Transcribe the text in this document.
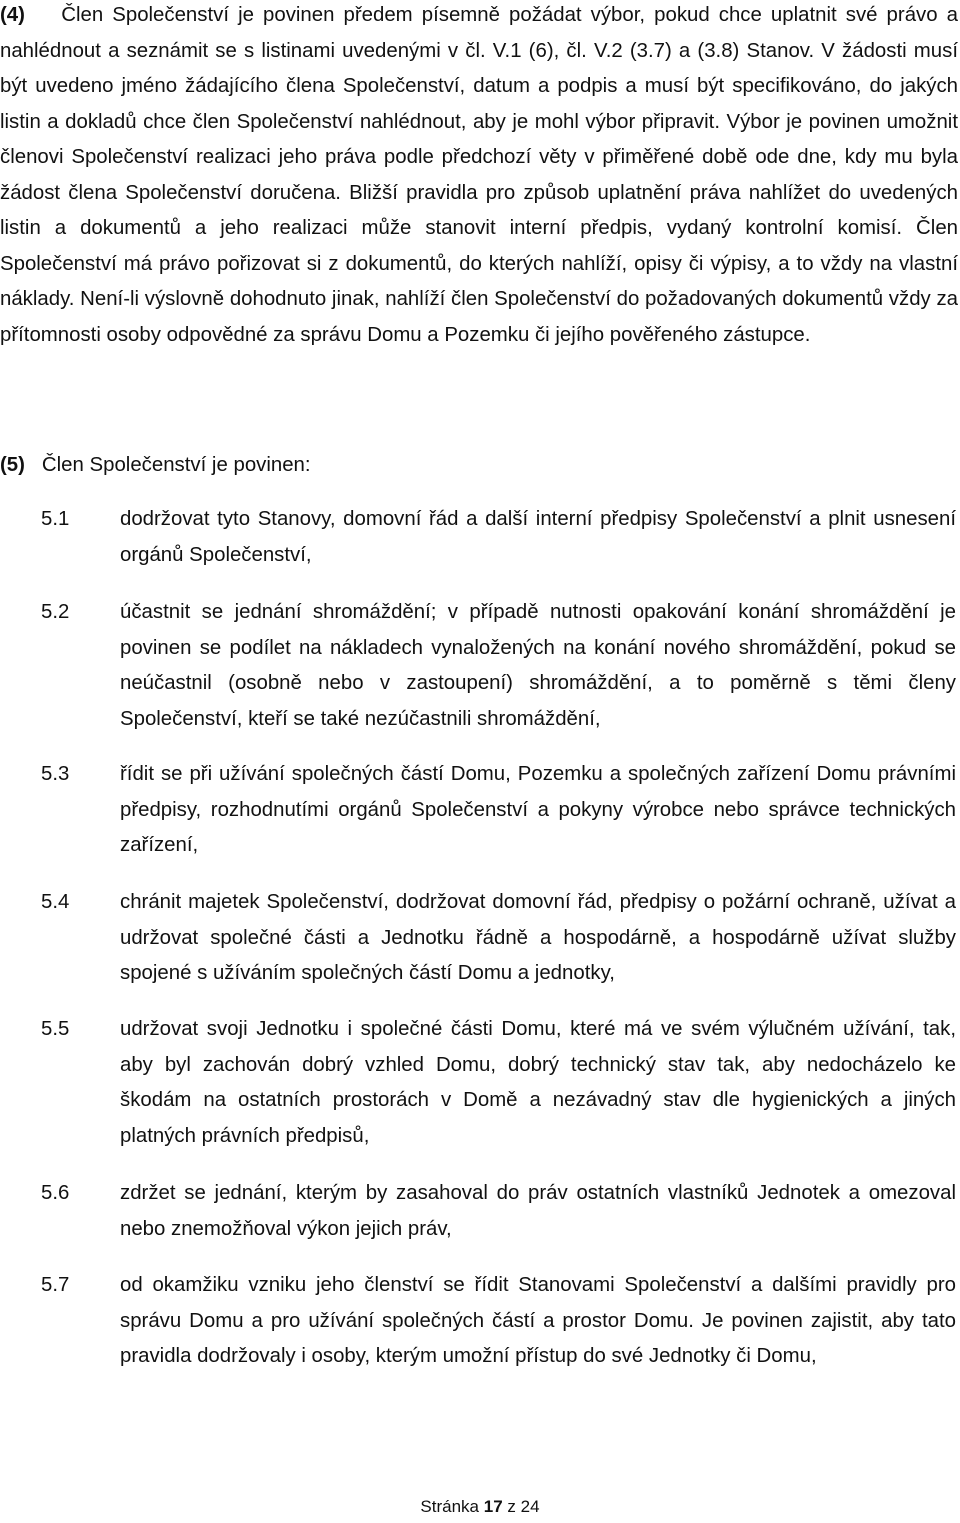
(4) Člen Společenství je povinen předem písemně požádat výbor, pokud chce uplatnit své právo a nahlédnout a seznámit se s listinami uvedenými v čl. V.1 (6), čl. V.2 (3.7) a (3.8) Stanov. V žádosti musí být uvedeno jméno žádajícího člena Společenství, datum a podpis a musí být specifikováno, do jakých listin a dokladů chce člen Společenství nahlédnout, aby je mohl výbor připravit. Výbor je povinen umožnit členovi Společenství realizaci jeho práva podle předchozí věty v přiměřené době ode dne, kdy mu byla žádost člena Společenství doručena. Bližší pravidla pro způsob uplatnění práva nahlížet do uvedených listin a dokumentů a jeho realizaci může stanovit interní předpis, vydaný kontrolní komisí. Člen Společenství má právo pořizovat si z dokumentů, do kterých nahlíží, opisy či výpisy, a to vždy na vlastní náklady. Není-li výslovně dohodnuto jinak, nahlíží člen Společenství do požadovaných dokumentů vždy za přítomnosti osoby odpovědné za správu Domu a Pozemku či jejího pověřeného zástupce.

(5) Člen Společenství je povinen:

5.1	dodržovat tyto Stanovy, domovní řád a další interní předpisy Společenství a plnit usnesení orgánů Společenství,
5.2	účastnit se jednání shromáždění; v případě nutnosti opakování konání shromáždění je povinen se podílet na nákladech vynaložených na konání nového shromáždění, pokud se neúčastnil (osobně nebo v zastoupení) shromáždění, a to poměrně s těmi členy Společenství, kteří se také nezúčastnili shromáždění,
5.3	řídit se při užívání společných částí Domu, Pozemku a společných zařízení Domu právními předpisy, rozhodnutími orgánů Společenství a pokyny výrobce nebo správce technických zařízení,
5.4	chránit majetek Společenství, dodržovat domovní řád, předpisy o požární ochraně, užívat a udržovat společné části a Jednotku řádně a hospodárně, a hospodárně užívat služby spojené s užíváním společných částí Domu a jednotky,
5.5	udržovat svoji Jednotku i společné části Domu, které má ve svém výlučném užívání, tak, aby byl zachován dobrý vzhled Domu, dobrý technický stav tak, aby nedocházelo ke škodám na ostatních prostorách v Domě a nezávadný stav dle hygienických a jiných platných právních předpisů,
5.6	zdržet se jednání, kterým by zasahoval do práv ostatních vlastníků Jednotek a omezoval nebo znemožňoval výkon jejich práv,
5.7	od okamžiku vzniku jeho členství se řídit Stanovami Společenství a dalšími pravidly pro správu Domu a pro užívání společných částí a prostor Domu. Je povinen zajistit, aby tato pravidla dodržovaly i osoby, kterým umožní přístup do své Jednotky či Domu,
Stránka 17 z 24
